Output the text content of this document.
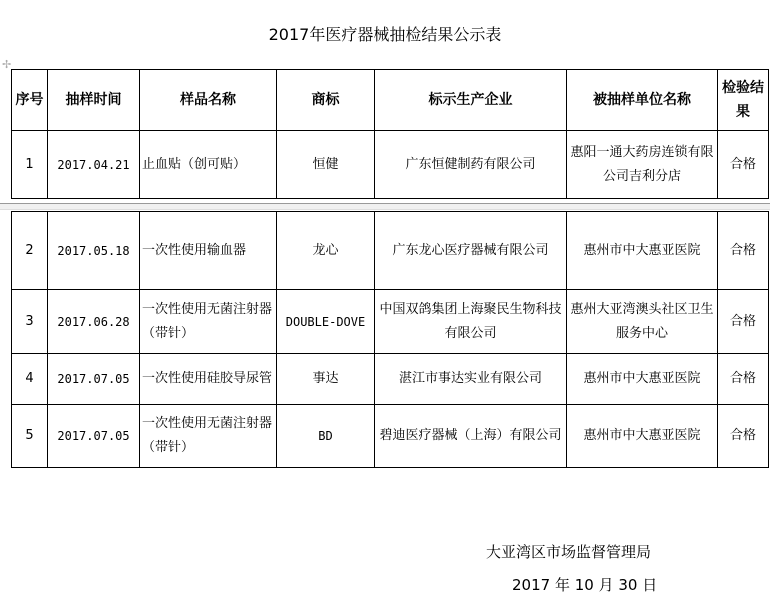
2017年医疗器械抽检结果公示表
✢
序号	抽样时间	样品名称	商标	标示生产企业	被抽样单位名称	检验结果
1	2017.04.21	止血贴（创可贴）	恒健	广东恒健制药有限公司	惠阳一通大药房连锁有限公司吉利分店	合格
2	2017.05.18	一次性使用输血器	龙心	广东龙心医疗器械有限公司	惠州市中大惠亚医院	合格
3	2017.06.28	一次性使用无菌注射器（带针）	DOUBLE-DOVE	中国双鸽集团上海聚民生物科技有限公司	惠州大亚湾澳头社区卫生服务中心	合格
4	2017.07.05	一次性使用硅胶导尿管	事达	湛江市事达实业有限公司	惠州市中大惠亚医院	合格
5	2017.07.05	一次性使用无菌注射器（带针）	BD	碧迪医疗器械（上海）有限公司	惠州市中大惠亚医院	合格
大亚湾区市场监督管理局
2017 年 10 月 30 日
